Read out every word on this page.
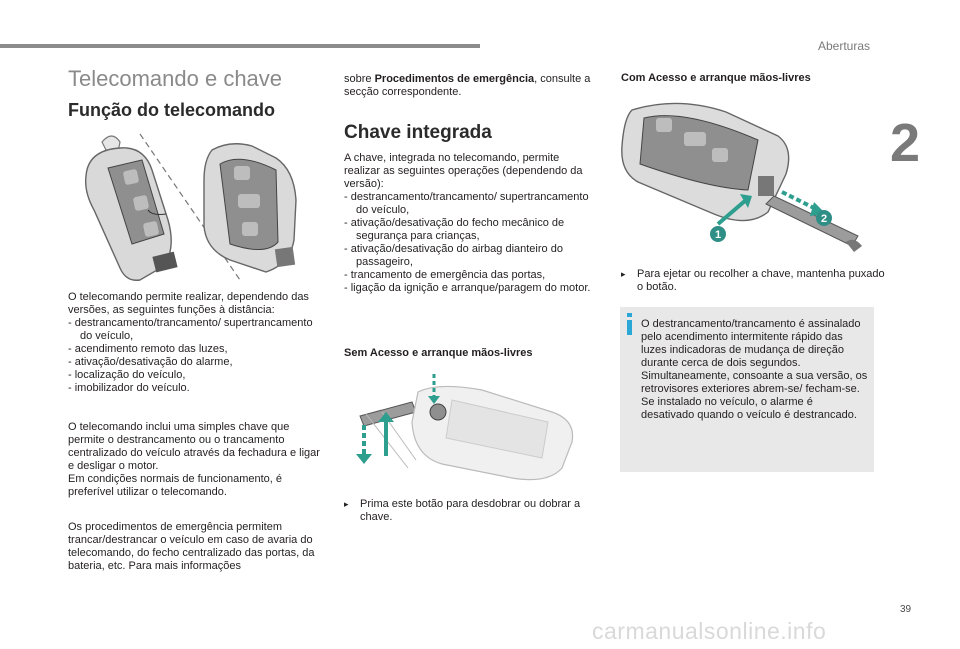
Aberturas
2
39
carmanualsonline.info
Telecomando e chave
Função do telecomando

O telecomando permite realizar, dependendo das versões, as seguintes funções à distância:

- destrancamento/trancamento/ supertrancamento do veículo,
- acendimento remoto das luzes,
- ativação/desativação do alarme,
- localização do veículo,
- imobilizador do veículo.

O telecomando inclui uma simples chave que permite o destrancamento ou o trancamento centralizado do veículo através da fechadura e ligar e desligar o motor.

Em condições normais de funcionamento, é preferível utilizar o telecomando.

Os procedimentos de emergência permitem trancar/destrancar o veículo em caso de avaria do telecomando, do fecho centralizado das portas, da bateria, etc. Para mais informações
sobre Procedimentos de emergência, consulte a secção correspondente.
Chave integrada

A chave, integrada no telecomando, permite realizar as seguintes operações (dependendo da versão):

- destrancamento/trancamento/ supertrancamento do veículo,
- ativação/desativação do fecho mecânico de segurança para crianças,
- ativação/desativação do airbag dianteiro do passageiro,
- trancamento de emergência das portas,
- ligação da ignição e arranque/paragem do motor.
Sem Acesso e arranque mãos-livres
▸ Prima este botão para desdobrar ou dobrar a chave.
Com Acesso e arranque mãos-livres
1
2
▸ Para ejetar ou recolher a chave, mantenha puxado o botão.
O destrancamento/trancamento é assinalado pelo acendimento intermitente rápido das luzes indicadoras de mudança de direção durante cerca de dois segundos.
Simultaneamente, consoante a sua versão, os retrovisores exteriores abrem-se/ fecham-se.
Se instalado no veículo, o alarme é desativado quando o veículo é destrancado.
